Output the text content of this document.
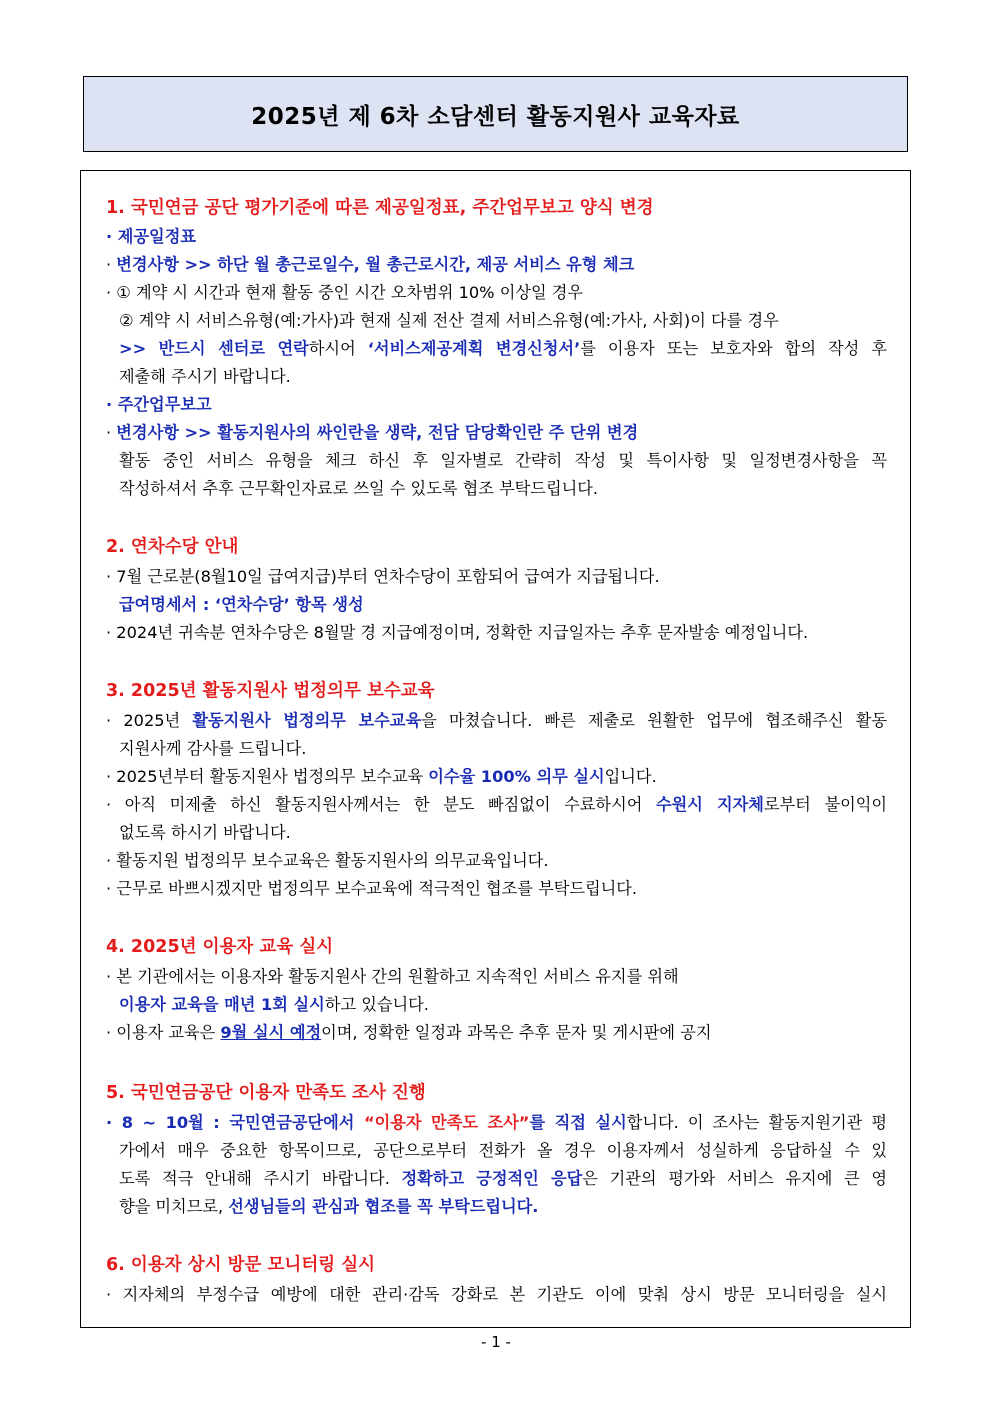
2025년 제 6차 소담센터 활동지원사 교육자료
1. 국민연금 공단 평가기준에 따른 제공일정표, 주간업무보고 양식 변경
· 제공일정표
· 변경사항 >> 하단 월 총근로일수, 월 총근로시간, 제공 서비스 유형 체크
· ① 계약 시 시간과 현재 활동 중인 시간 오차범위 10% 이상일 경우
② 계약 시 서비스유형(예:가사)과 현재 실제 전산 결제 서비스유형(예:가사, 사회)이 다를 경우
>> 반드시 센터로 연락하시어 ‘서비스제공계획 변경신청서’를 이용자 또는 보호자와 합의 작성 후
제출해 주시기 바랍니다.
· 주간업무보고
· 변경사항 >> 활동지원사의 싸인란을 생략, 전담 담당확인란 주 단위 변경
활동 중인 서비스 유형을 체크 하신 후 일자별로 간략히 작성 및 특이사항 및 일정변경사항을 꼭
작성하셔서 추후 근무확인자료로 쓰일 수 있도록 협조 부탁드립니다.
2. 연차수당 안내
· 7월 근로분(8월10일 급여지급)부터 연차수당이 포함되어 급여가 지급됩니다.
급여명세서 : ‘연차수당’ 항목 생성
· 2024년 귀속분 연차수당은 8월말 경 지급예정이며, 정확한 지급일자는 추후 문자발송 예정입니다.
3. 2025년 활동지원사 법정의무 보수교육
· 2025년 활동지원사 법정의무 보수교육을 마쳤습니다. 빠른 제출로 원활한 업무에 협조해주신 활동
지원사께 감사를 드립니다.
· 2025년부터 활동지원사 법정의무 보수교육 이수율 100% 의무 실시입니다.
· 아직 미제출 하신 활동지원사께서는 한 분도 빠짐없이 수료하시어 수원시 지자체로부터 불이익이
없도록 하시기 바랍니다.
· 활동지원 법정의무 보수교육은 활동지원사의 의무교육입니다.
· 근무로 바쁘시겠지만 법정의무 보수교육에 적극적인 협조를 부탁드립니다.
4. 2025년 이용자 교육 실시
· 본 기관에서는 이용자와 활동지원사 간의 원활하고 지속적인 서비스 유지를 위해
이용자 교육을 매년 1회 실시하고 있습니다.
· 이용자 교육은 9월 실시 예정이며, 정확한 일정과 과목은 추후 문자 및 게시판에 공지
5. 국민연금공단 이용자 만족도 조사 진행
· 8 ~ 10월 : 국민연금공단에서 “이용자 만족도 조사”를 직접 실시합니다. 이 조사는 활동지원기관 평
가에서 매우 중요한 항목이므로, 공단으로부터 전화가 올 경우 이용자께서 성실하게 응답하실 수 있
도록 적극 안내해 주시기 바랍니다. 정확하고 긍정적인 응답은 기관의 평가와 서비스 유지에 큰 영
향을 미치므로, 선생님들의 관심과 협조를 꼭 부탁드립니다.
6. 이용자 상시 방문 모니터링 실시
· 지자체의 부정수급 예방에 대한 관리·감독 강화로 본 기관도 이에 맞춰 상시 방문 모니터링을 실시
- 1 -
